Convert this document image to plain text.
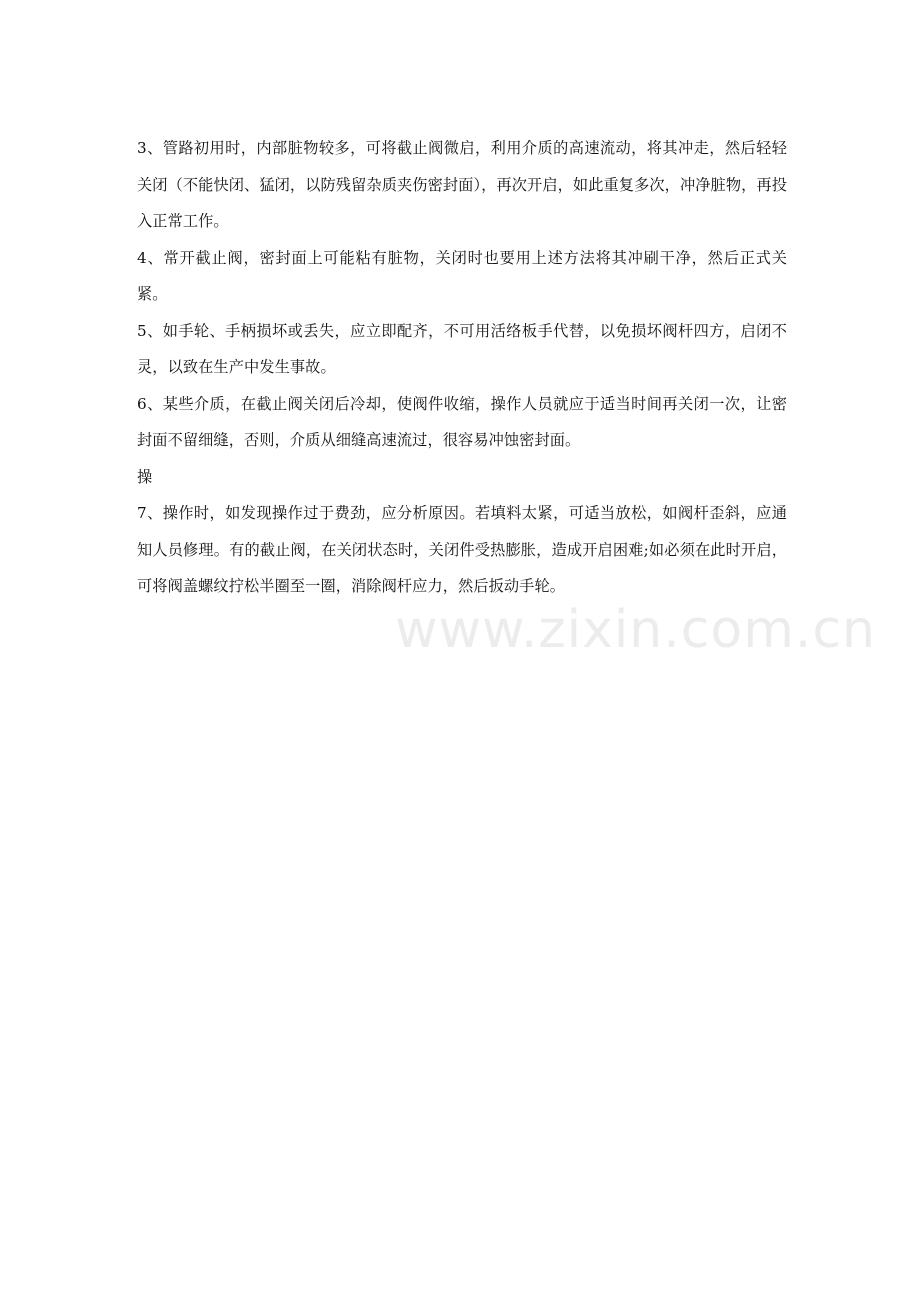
www.zixin.com.cn

3、管路初用时，内部脏物较多，可将截止阀微启，利用介质的高速流动，将其冲走，然后轻轻关闭（不能快闭、猛闭，以防残留杂质夹伤密封面），再次开启，如此重复多次，冲净脏物，再投入正常工作。

4、常开截止阀，密封面上可能粘有脏物，关闭时也要用上述方法将其冲刷干净，然后正式关紧。

5、如手轮、手柄损坏或丢失，应立即配齐，不可用活络板手代替，以免损坏阀杆四方，启闭不灵，以致在生产中发生事故。

6、某些介质，在截止阀关闭后冷却，使阀件收缩，操作人员就应于适当时间再关闭一次，让密封面不留细缝，否则，介质从细缝高速流过，很容易冲蚀密封面。

操

7、操作时，如发现操作过于费劲，应分析原因。若填料太紧，可适当放松，如阀杆歪斜，应通知人员修理。有的截止阀，在关闭状态时，关闭件受热膨胀，造成开启困难;如必须在此时开启，可将阀盖螺纹拧松半圈至一圈，消除阀杆应力，然后扳动手轮。
